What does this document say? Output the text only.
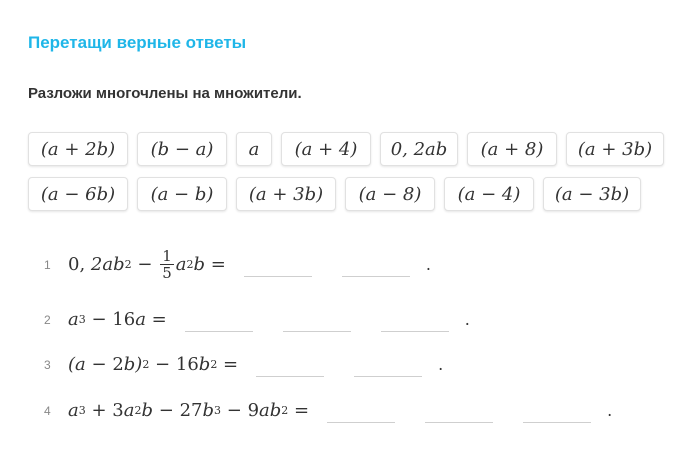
Перетащи верные ответы
Разложи многочлены на множители.
(a + 2b)	(b − a)	a	(a + 4)	0, 2ab	(a + 8)	(a + 3b)
(a − 6b)	(a − b)	(a + 3b)	(a − 8)	(a − 4)	(a − 3b)
1 0, 2ab 2
−
$\frac{1}{5}$ a 2 b =	.
2 a 3
−
16 a =	.
3 (a −
2 b) 2
−
16 b 2
=	.
4 a 3
+
3 a 2 b −
27 b 3
−
9 ab 2
=	.
